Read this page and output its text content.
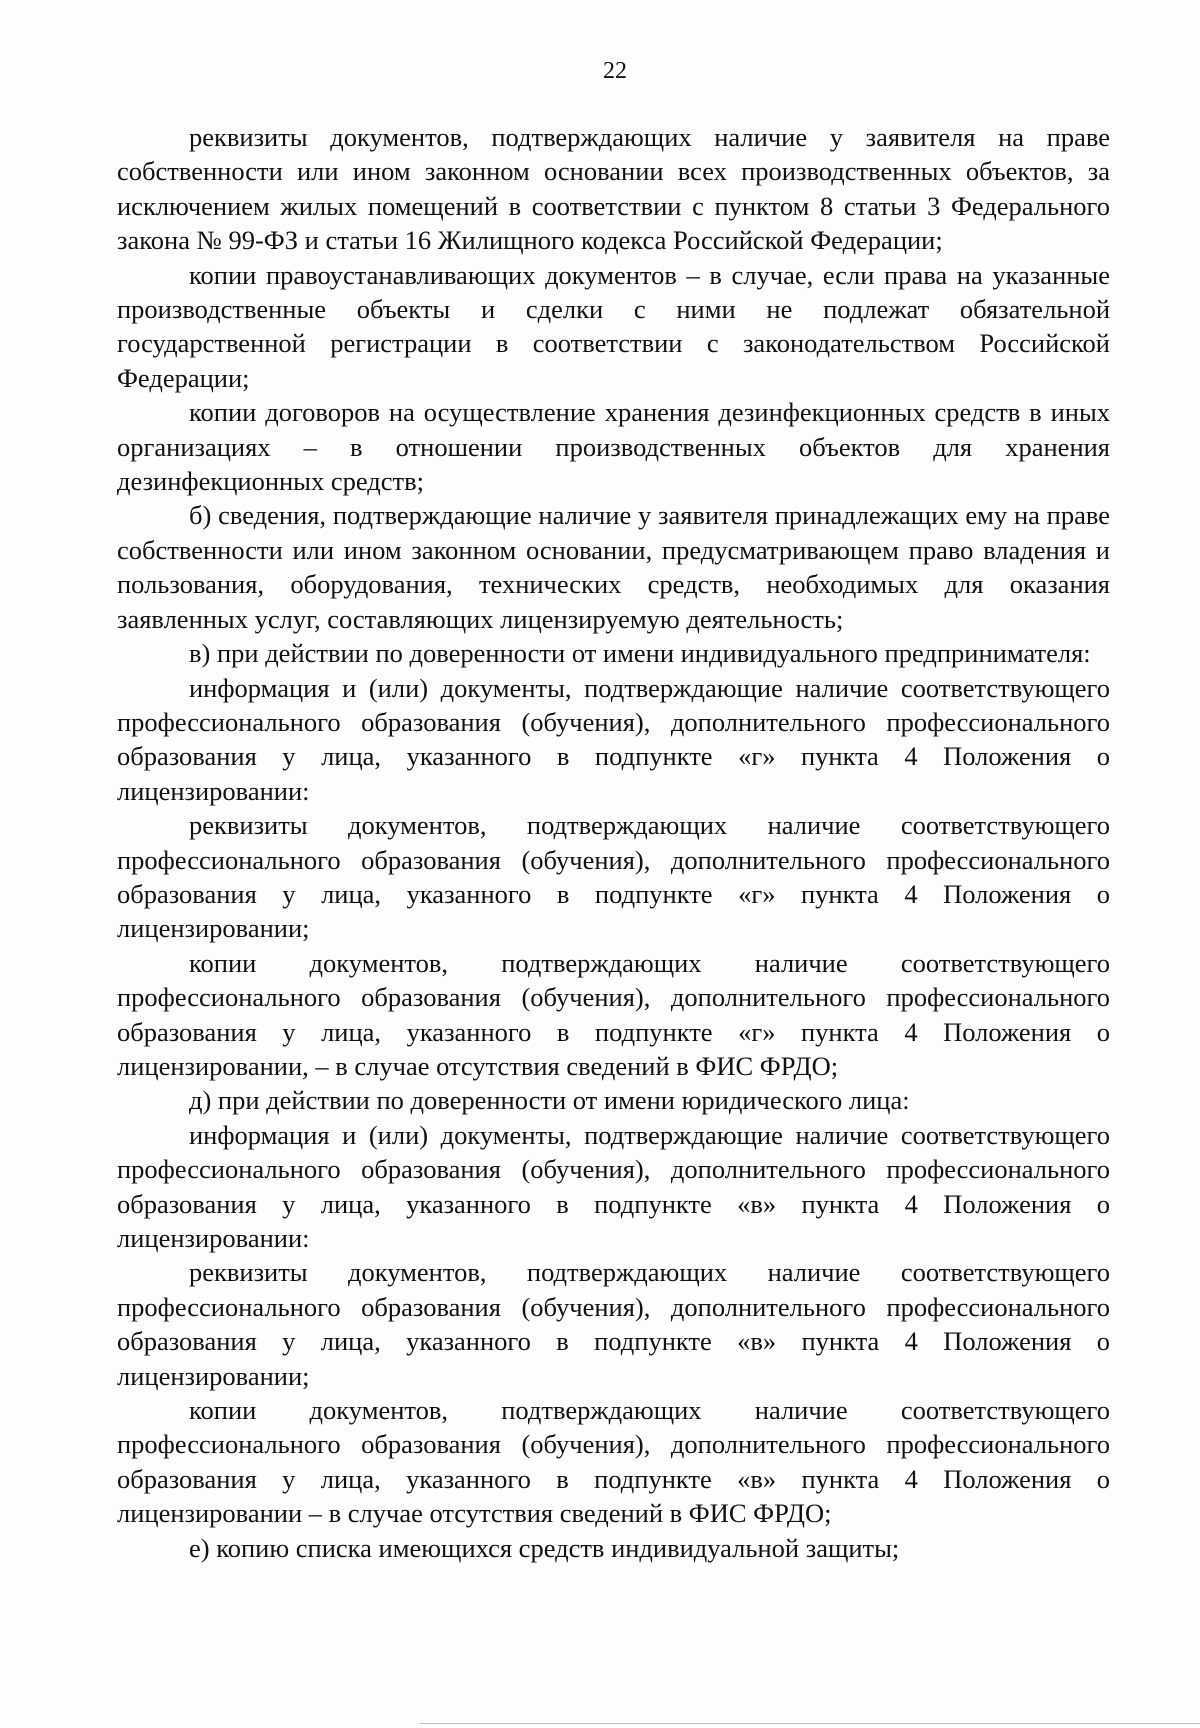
22

реквизиты документов, подтверждающих наличие у заявителя на праве собственности или ином законном основании всех производственных объектов, за исключением жилых помещений в соответствии с пунктом 8 статьи 3 Федерального закона № 99-ФЗ и статьи 16 Жилищного кодекса Российской Федерации;

копии правоустанавливающих документов – в случае, если права на указанные производственные объекты и сделки с ними не подлежат обязательной государственной регистрации в соответствии с законодательством Российской Федерации;

копии договоров на осуществление хранения дезинфекционных средств в иных организациях – в отношении производственных объектов для хранения дезинфекционных средств;

б) сведения, подтверждающие наличие у заявителя принадлежащих ему на праве собственности или ином законном основании, предусматривающем право владения и пользования, оборудования, технических средств, необходимых для оказания заявленных услуг, составляющих лицензируемую деятельность;

в) при действии по доверенности от имени индивидуального предпринимателя:

информация и (или) документы, подтверждающие наличие соответствующего профессионального образования (обучения), дополнительного профессионального образования у лица, указанного в подпункте «г» пункта 4 Положения о лицензировании:

реквизиты документов, подтверждающих наличие соответствующего профессионального образования (обучения), дополнительного профессионального образования у лица, указанного в подпункте «г» пункта 4 Положения о лицензировании;

копии документов, подтверждающих наличие соответствующего профессионального образования (обучения), дополнительного профессионального образования у лица, указанного в подпункте «г» пункта 4 Положения о лицензировании, – в случае отсутствия сведений в ФИС ФРДО;

д) при действии по доверенности от имени юридического лица:

информация и (или) документы, подтверждающие наличие соответствующего профессионального образования (обучения), дополнительного профессионального образования у лица, указанного в подпункте «в» пункта 4 Положения о лицензировании:

реквизиты документов, подтверждающих наличие соответствующего профессионального образования (обучения), дополнительного профессионального образования у лица, указанного в подпункте «в» пункта 4 Положения о лицензировании;

копии документов, подтверждающих наличие соответствующего профессионального образования (обучения), дополнительного профессионального образования у лица, указанного в подпункте «в» пункта 4 Положения о лицензировании – в случае отсутствия сведений в ФИС ФРДО;

е) копию списка имеющихся средств индивидуальной защиты;
